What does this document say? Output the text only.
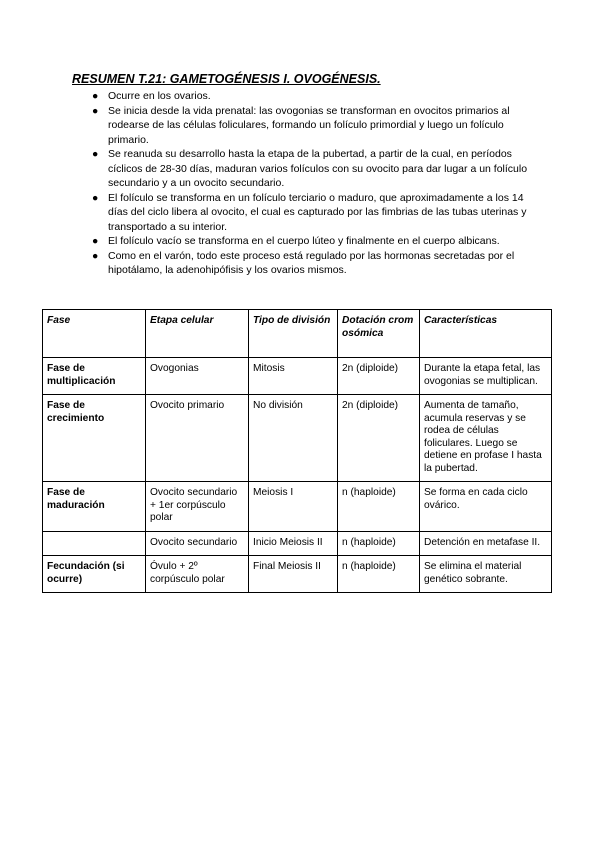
RESUMEN T.21: GAMETOGÉNESIS I. OVOGÉNESIS.
● Ocurre en los ovarios.
● Se inicia desde la vida prenatal: las ovogonias se transforman en ovocitos primarios al rodearse de las células foliculares, formando un folículo primordial y luego un folículo primario.
● Se reanuda su desarrollo hasta la etapa de la pubertad, a partir de la cual, en períodos cíclicos de 28-30 días, maduran varios folículos con su ovocito para dar lugar a un folículo secundario y a un ovocito secundario.
● El folículo se transforma en un folículo terciario o maduro, que aproximadamente a los 14 días del ciclo libera al ovocito, el cual es capturado por las fimbrias de las tubas uterinas y transportado a su interior.
● El folículo vacío se transforma en el cuerpo lúteo y finalmente en el cuerpo albicans.
● Como en el varón, todo este proceso está regulado por las hormonas secretadas por el hipotálamo, la adenohipófisis y los ovarios mismos.
Fase	Etapa celular	Tipo de división	Dotación cromosómica	Características
Fase de multiplicación	Ovogonias	Mitosis	2n (diploide)	Durante la etapa fetal, las ovogonias se multiplican.
Fase de crecimiento	Ovocito primario	No división	2n (diploide)	Aumenta de tamaño, acumula reservas y se rodea de células foliculares. Luego se detiene en profase I hasta la pubertad.
Fase de maduración	Ovocito secundario + 1er corpúsculo polar	Meiosis I	n (haploide)	Se forma en cada ciclo ovárico.
	Ovocito secundario	Inicio Meiosis II	n (haploide)	Detención en metafase II.
Fecundación (si ocurre)	Óvulo + 2º corpúsculo polar	Final Meiosis II	n (haploide)	Se elimina el material genético sobrante.
